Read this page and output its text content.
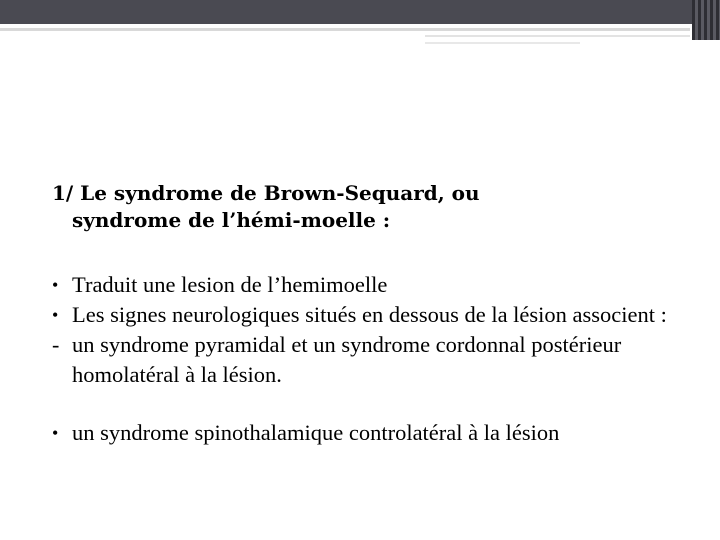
1/ Le syndrome de Brown-Sequard, ou
syndrome de l’hémi-moelle :
• Traduit une lesion de l’hemimoelle
• Les signes neurologiques situés en dessous de la lésion associent :
- un syndrome pyramidal et un syndrome cordonnal postérieur homolatéral à la lésion.
• un syndrome spinothalamique controlatéral à la lésion
